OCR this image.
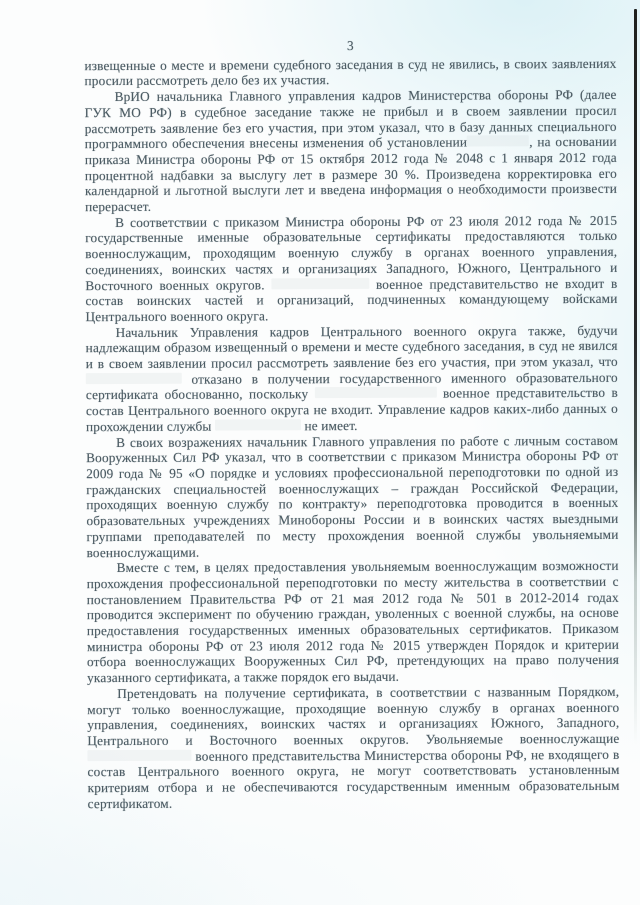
3

извещенные о месте и времени судебного заседания в суд не явились, в своих заявлениях просили рассмотреть дело без их участия.

ВрИО начальника Главного управления кадров Министерства обороны РФ (далее ГУК МО РФ) в судебное заседание также не прибыл и в своем заявлении просил рассмотреть заявление без его участия, при этом указал, что в базу данных специального программного обеспечения внесены изменения об установлении	, на основании приказа Министра обороны РФ от 15 октября 2012 года № 2048 с 1 января 2012 года процентной надбавки за выслугу лет в размере 30 %. Произведена корректировка его календарной и льготной выслуги лет и введена информация о необходимости произвести перерасчет.

В соответствии с приказом Министра обороны РФ от 23 июля 2012 года № 2015 государственные именные образовательные сертификаты предоставляются только военнослужащим, проходящим военную службу в органах военного управления, соединениях, воинских частях и организациях Западного, Южного, Центрального и Восточного военных округов.	военное представительство не входит в состав воинских частей и организаций, подчиненных командующему войсками Центрального военного округа.

Начальник Управления кадров Центрального военного округа также, будучи надлежащим образом извещенный о времени и месте судебного заседания, в суд не явился и в своем заявлении просил рассмотреть заявление без его участия, при этом указал, что  отказано в получении государственного именного образовательного сертификата обоснованно, поскольку	военное представительство в состав Центрального военного округа не входит. Управление кадров каких-либо данных о прохождении службы	не имеет.

В своих возражениях начальник Главного управления по работе с личным составом Вооруженных Сил РФ указал, что в соответствии с приказом Министра обороны РФ от 2009 года № 95 «О порядке и условиях профессиональной переподготовки по одной из гражданских специальностей военнослужащих – граждан Российской Федерации, проходящих военную службу по контракту» переподготовка проводится в военных образовательных учреждениях Минобороны России и в воинских частях выездными группами преподавателей по месту прохождения военной службы увольняемыми военнослужащими.

Вместе с тем, в целях предоставления увольняемым военнослужащим возможности прохождения профессиональной переподготовки по месту жительства в соответствии с постановлением Правительства РФ от 21 мая 2012 года № 501 в 2012-2014 годах проводится эксперимент по обучению граждан, уволенных с военной службы, на основе предоставления государственных именных образовательных сертификатов. Приказом министра обороны РФ от 23 июля 2012 года № 2015 утвержден Порядок и критерии отбора военнослужащих Вооруженных Сил РФ, претендующих на право получения указанного сертификата, а также порядок его выдачи.

Претендовать на получение сертификата, в соответствии с названным Порядком, могут только военнослужащие, проходящие военную службу в органах военного управления, соединениях, воинских частях и организациях Южного, Западного, Центрального и Восточного военных округов. Увольняемые военнослужащие  военного представительства Министерства обороны РФ, не входящего в состав Центрального военного округа, не могут соответствовать установленным критериям отбора и не обеспечиваются государственным именным образовательным сертификатом.
